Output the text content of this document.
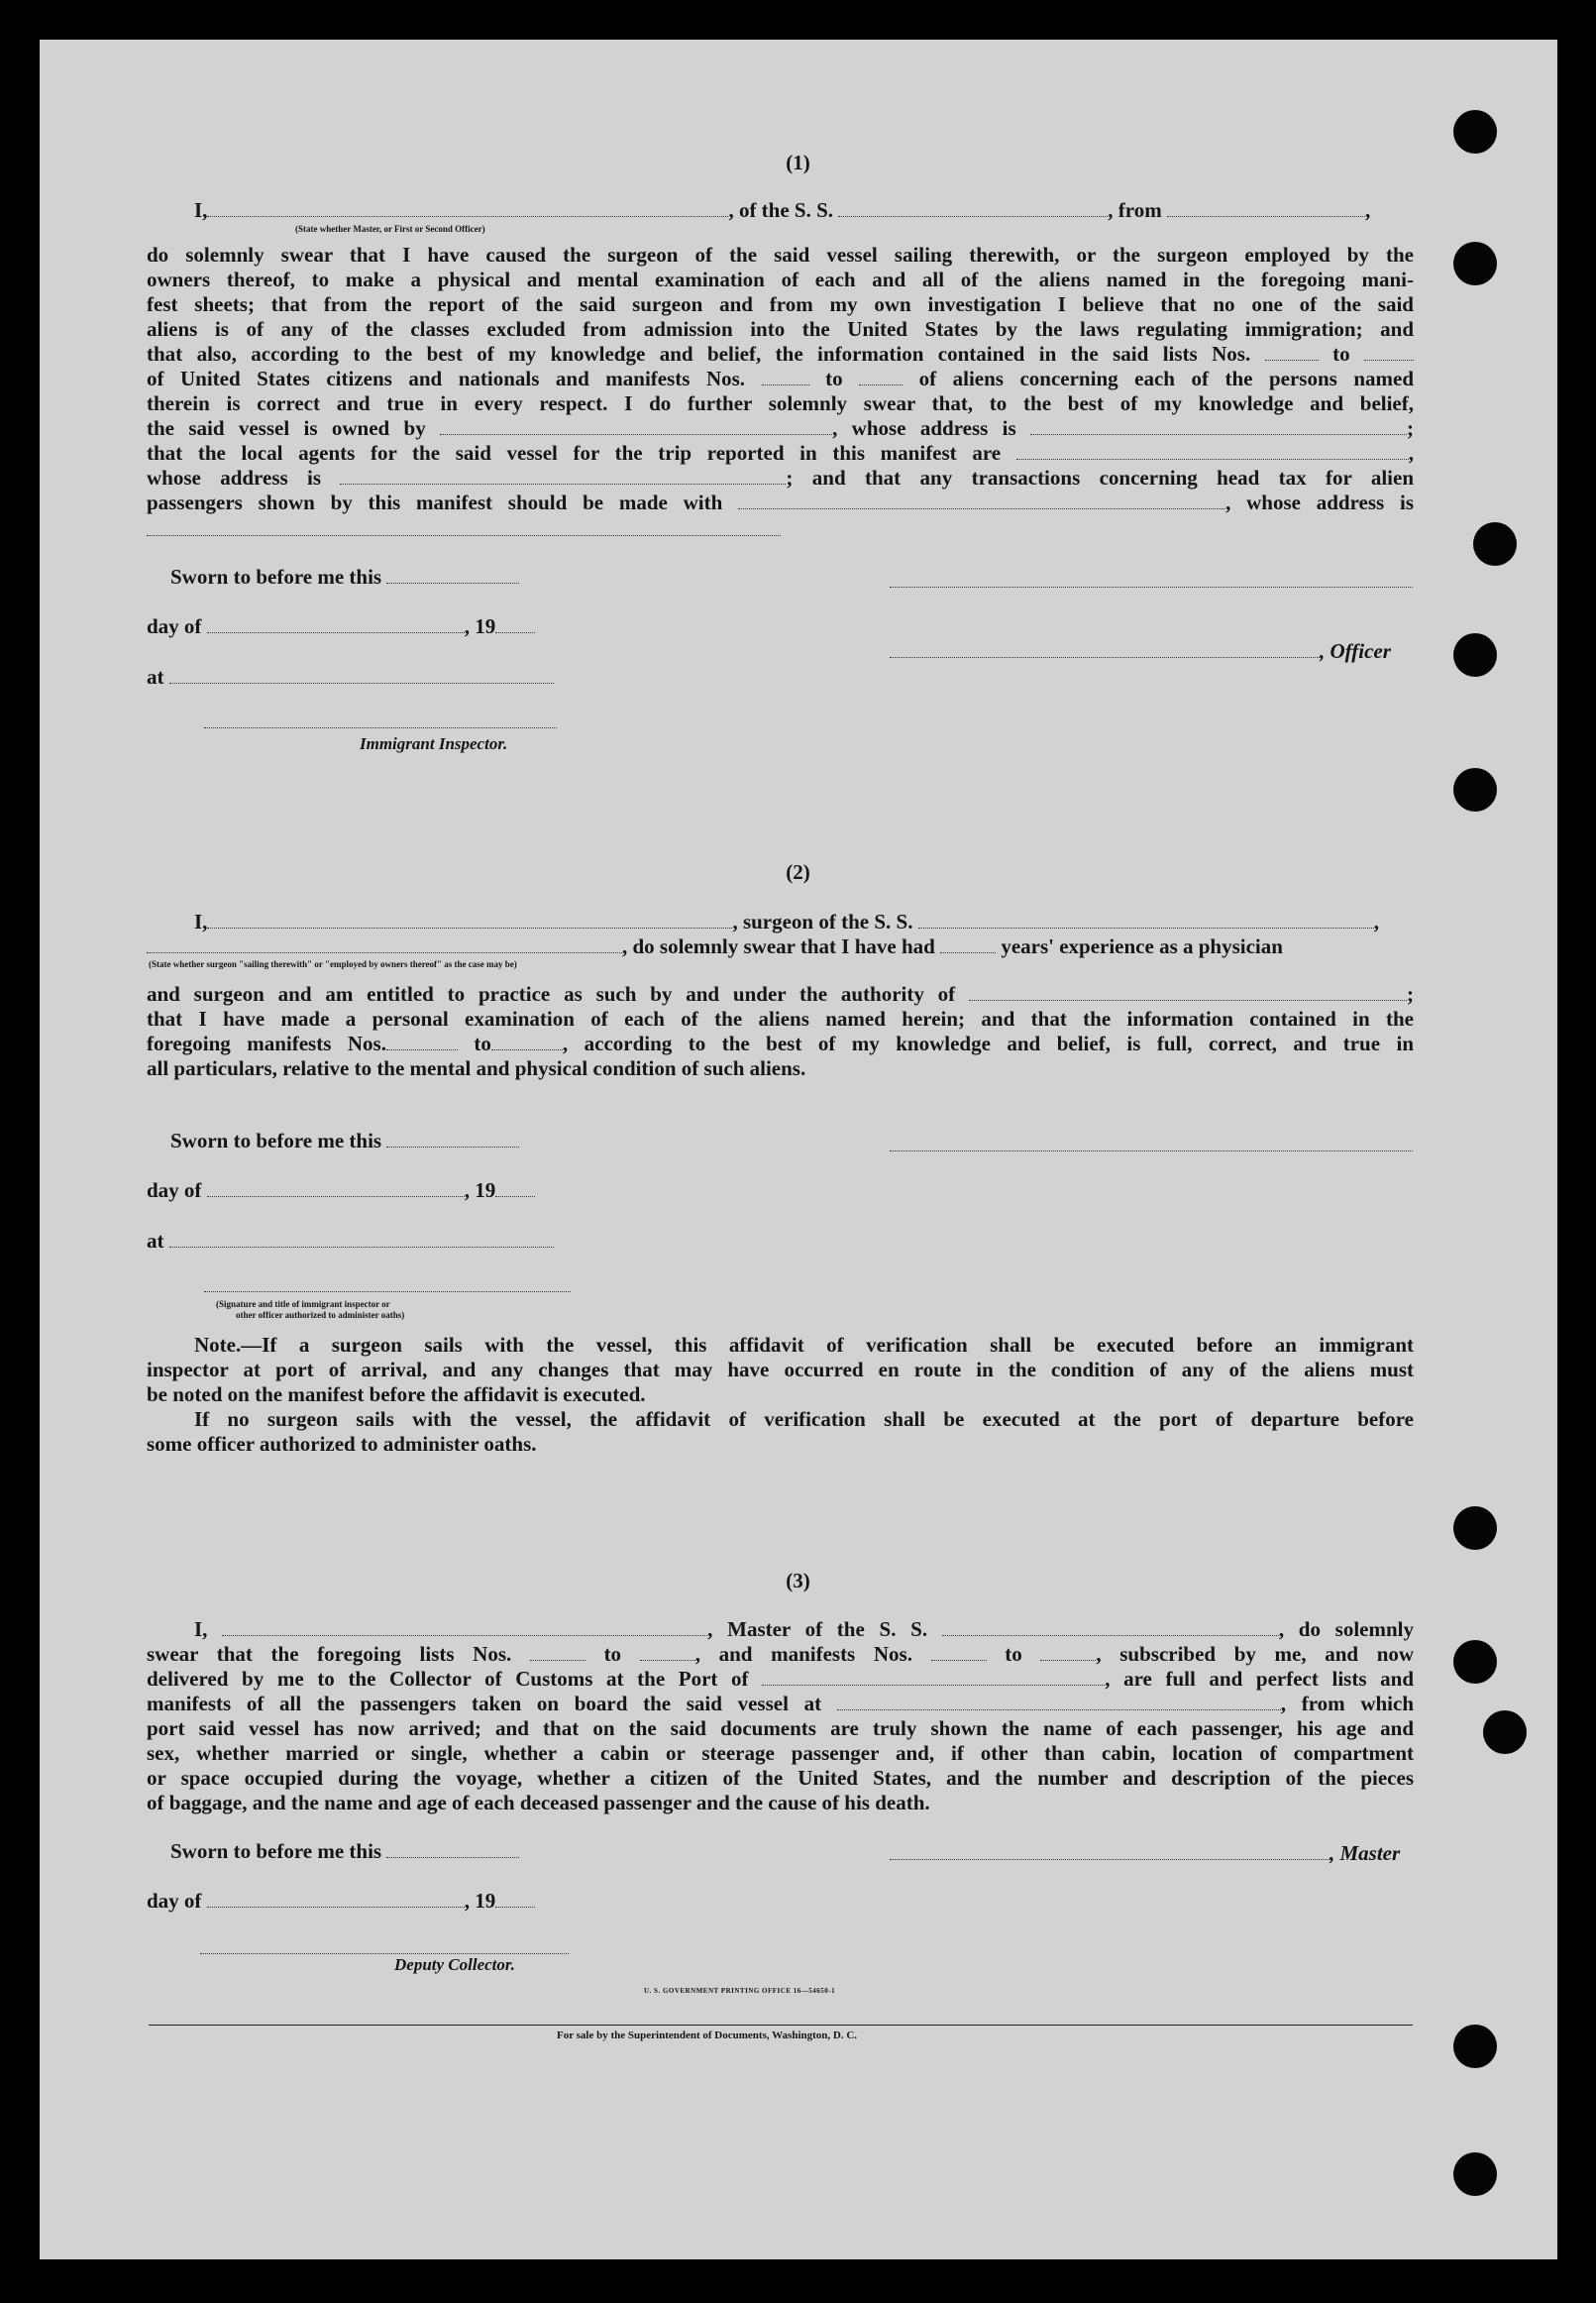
(1)
I,	, of the S. S.	, from	,
(State whether Master, or First or Second Officer)
do solemnly swear that I have caused the surgeon of the said vessel sailing therewith, or the surgeon employed by the
owners thereof, to make a physical and mental examination of each and all of the aliens named in the foregoing mani-
fest sheets; that from the report of the said surgeon and from my own investigation I believe that no one of the said
aliens is of any of the classes excluded from admission into the United States by the laws regulating immigration; and
that also, according to the best of my knowledge and belief, the information contained in the said lists Nos.	to
of United States citizens and nationals and manifests Nos.	to	of aliens concerning each of the persons named
therein is correct and true in every respect. I do further solemnly swear that, to the best of my knowledge and belief,
the said vessel is owned by	, whose address is	;
that the local agents for the said vessel for the trip reported in this manifest are	,
whose address is	; and that any transactions concerning head tax for alien
passengers shown by this manifest should be made with	, whose address is
Sworn to before me this
day of	, 19
, Officer
at
Immigrant Inspector.
(2)
I,	, surgeon of the S. S.	,
, do solemnly swear that I have had	years' experience as a physician
(State whether surgeon "sailing therewith" or "employed by owners thereof" as the case may be)
and surgeon and am entitled to practice as such by and under the authority of	;
that I have made a personal examination of each of the aliens named herein; and that the information contained in the
foregoing manifests Nos.	to	, according to the best of my knowledge and belief, is full, correct, and true in
all particulars, relative to the mental and physical condition of such aliens.
Sworn to before me this
day of	, 19
at
(Signature and title of immigrant inspector or
other officer authorized to administer oaths)
Note.—If a surgeon sails with the vessel, this affidavit of verification shall be executed before an immigrant
inspector at port of arrival, and any changes that may have occurred en route in the condition of any of the aliens must
be noted on the manifest before the affidavit is executed.
If no surgeon sails with the vessel, the affidavit of verification shall be executed at the port of departure before
some officer authorized to administer oaths.
(3)
I,	, Master of the S. S.	, do solemnly
swear that the foregoing lists Nos.	to	, and manifests Nos.	to	, subscribed by me, and now
delivered by me to the Collector of Customs at the Port of	, are full and perfect lists and
manifests of all the passengers taken on board the said vessel at	, from which
port said vessel has now arrived; and that on the said documents are truly shown the name of each passenger, his age and
sex, whether married or single, whether a cabin or steerage passenger and, if other than cabin, location of compartment
or space occupied during the voyage, whether a citizen of the United States, and the number and description of the pieces
of baggage, and the name and age of each deceased passenger and the cause of his death.
Sworn to before me this	, Master
day of	, 19
Deputy Collector.
U. S. GOVERNMENT PRINTING OFFICE 16—54650-1
For sale by the Superintendent of Documents, Washington, D. C.
